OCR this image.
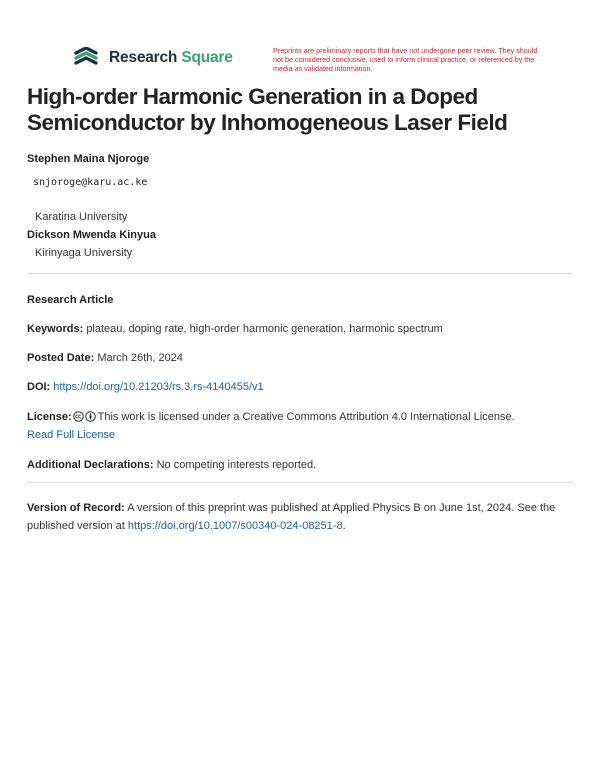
Research Square	Preprints are preliminary reports that have not undergone peer review. They should not be considered conclusive, used to inform clinical practice, or referenced by the media as validated information.
High-order Harmonic Generation in a Doped Semiconductor by Inhomogeneous Laser Field
Stephen Maina Njoroge
snjoroge@karu.ac.ke
Karatina University
Dickson Mwenda Kinyua
Kirinyaga University
Research Article
Keywords: plateau, doping rate, high-order harmonic generation, harmonic spectrum
Posted Date: March 26th, 2024
DOI: https://doi.org/10.21203/rs.3.rs-4140455/v1
License: This work is licensed under a Creative Commons Attribution 4.0 International License.
Read Full License
Additional Declarations: No competing interests reported.
Version of Record: A version of this preprint was published at Applied Physics B on June 1st, 2024. See the published version at https://doi.org/10.1007/s00340-024-08251-8.
